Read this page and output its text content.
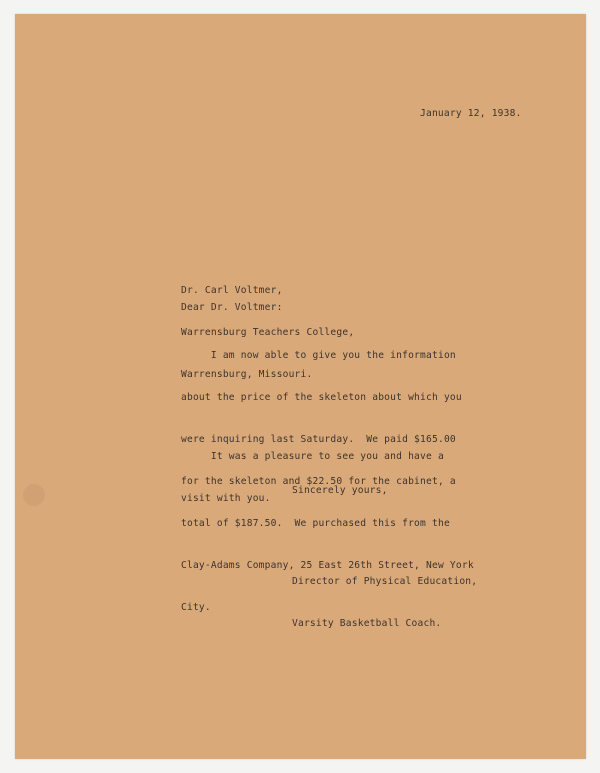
January 12, 1938.

Dr. Carl Voltmer,

Warrensburg Teachers College,

Warrensburg, Missouri.

Dear Dr. Voltmer:

I am now able to give you the information

about the price of the skeleton about which you

were inquiring last Saturday.  We paid $165.00

for the skeleton and $22.50 for the cabinet, a

total of $187.50.  We purchased this from the

Clay-Adams Company, 25 East 26th Street, New York

City.

It was a pleasure to see you and have a

visit with you.

Sincerely yours,

Director of Physical Education,

Varsity Basketball Coach.
